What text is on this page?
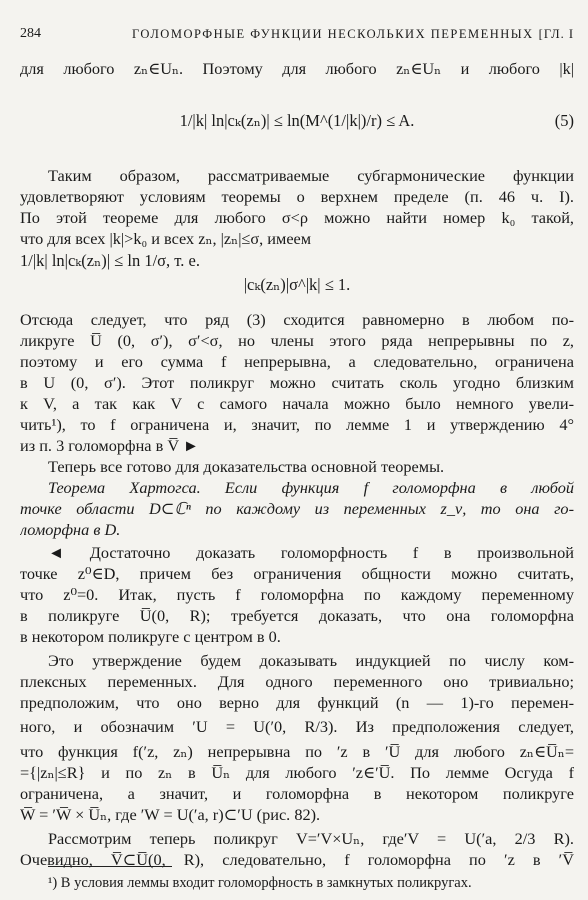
284	ГОЛОМОРФНЫЕ ФУНКЦИИ НЕСКОЛЬКИХ ПЕРЕМЕННЫХ [ГЛ. I
для любого zₙ∈Uₙ. Поэтому для любого zₙ∈Uₙ и любого |k|
1/|k| ln|cₖ(zₙ)| ≤ ln(M^(1/|k|)/r) ≤ A.	(5)
Таким образом, рассматриваемые субгармонические функции
удовлетворяют условиям теоремы о верхнем пределе (п. 46 ч. I).
По этой теореме для любого σ<ρ можно найти номер k₀ такой,
что для всех |k|>k₀ и всех zₙ, |zₙ|≤σ, имеем
1/|k| ln|cₖ(zₙ)| ≤ ln 1/σ, т. е.
|cₖ(zₙ)|σ^|k| ≤ 1.
Отсюда следует, что ряд (3) сходится равномерно в любом по-
ликруге U̅ (0, σ′), σ′<σ, но члены этого ряда непрерывны по z,
поэтому и его сумма f непрерывна, а следовательно, ограничена
в U (0, σ′). Этот поликруг можно считать сколь угодно близким
к V, а так как V с самого начала можно было немного увели-
чить¹), то f ограничена и, значит, по лемме 1 и утверждению 4°
из п. 3 голоморфна в V̅ ►
Теперь все готово для доказательства основной теоремы.
Теорема Хартогса. Если функция f голоморфна в любой
точке области D⊂ℂⁿ по каждому из переменных z_ν, то она го-
ломорфна в D.
◄ Достаточно доказать голоморфность f в произвольной
точке z⁰∈D, причем без ограничения общности можно считать,
что z⁰=0. Итак, пусть f голоморфна по каждому переменному
в поликруге U̅(0, R); требуется доказать, что она голоморфна
в некотором поликруге с центром в 0.
Это утверждение будем доказывать индукцией по числу ком-
плексных переменных. Для одного переменного оно тривиально;
предположим, что оно верно для функций (n — 1)-го перемен-
ного, и обозначим ′U = U(′0, R/3). Из предположения следует,
что функция f(′z, zₙ) непрерывна по ′z в ′U̅ для любого zₙ∈U̅ₙ=
={|zₙ|≤R} и по zₙ в U̅ₙ для любого ′z∈′U̅. По лемме Осгуда f
ограничена, а значит, и голоморфна в некотором поликруге
W̅ = ′W̅ × U̅ₙ, где ′W = U(′a, r)⊂′U (рис. 82).
Рассмотрим теперь поликруг V=′V×Uₙ, где′V = U(′a, 2/3 R).
Очевидно, V̅⊂U̅(0, R), следовательно, f голоморфна по ′z в ′V̅
¹) В условия леммы входит голоморфность в замкнутых поликругах.
